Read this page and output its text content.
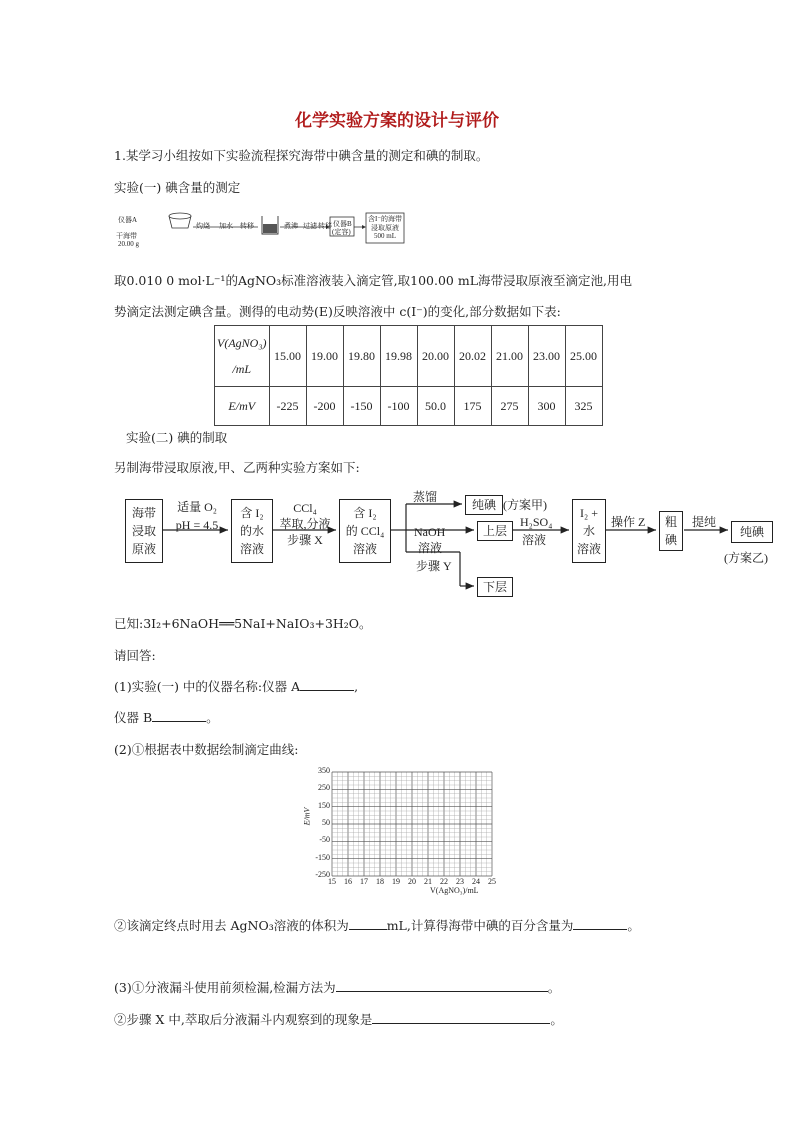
化学实验方案的设计与评价
1.某学习小组按如下实验流程探究海带中碘含量的测定和碘的制取。
实验(一) 碘含量的测定
仪器A
干海带
20.00 g
灼烧 加水 转移	煮沸 过滤 转移 仪器B
(定容)
含I⁻的海带
浸取原液
500 mL
取0.010 0 mol·L⁻¹的AgNO₃标准溶液装入滴定管,取100.00 mL海带浸取原液至滴定池,用电
势滴定法测定碘含量。测得的电动势(E)反映溶液中 c(I⁻)的变化,部分数据如下表:
V(AgNO₃)
/mL	15.00	19.00	19.80	19.98	20.00	20.02	21.00	23.00	25.00
E/mV	-225	-200	-150	-100	50.0	175	275	300	325
实验(二) 碘的制取
另制海带浸取原液,甲、乙两种实验方案如下:
海带
浸取
原液
适量 O₂
pH = 4.5
含 I₂
的水
溶液
CCl₄
萃取,分液
步骤 X
含 I₂
的 CCl₄
溶液
蒸馏
纯碘 (方案甲)
NaOH
溶液
步骤 Y
上层
下层
H₂SO₄
溶液
I₂ +
水
溶液
操作 Z 粗
碘
提纯
纯碘
(方案乙)
已知:3I₂+6NaOH══5NaI+NaIO₃+3H₂O。
请回答:
(1)实验(一) 中的仪器名称:仪器 A	,
仪器 B	。
(2)①根据表中数据绘制滴定曲线:
350
250
150
50
-50
-150
-250
15 16 17 18 19 20 21 22 23 24 25
E/mV
V(AgNO₃)/mL
②该滴定终点时用去 AgNO₃溶液的体积为	mL,计算得海带中碘的百分含量为	。
(3)①分液漏斗使用前须检漏,检漏方法为	。
②步骤 X 中,萃取后分液漏斗内观察到的现象是	。
